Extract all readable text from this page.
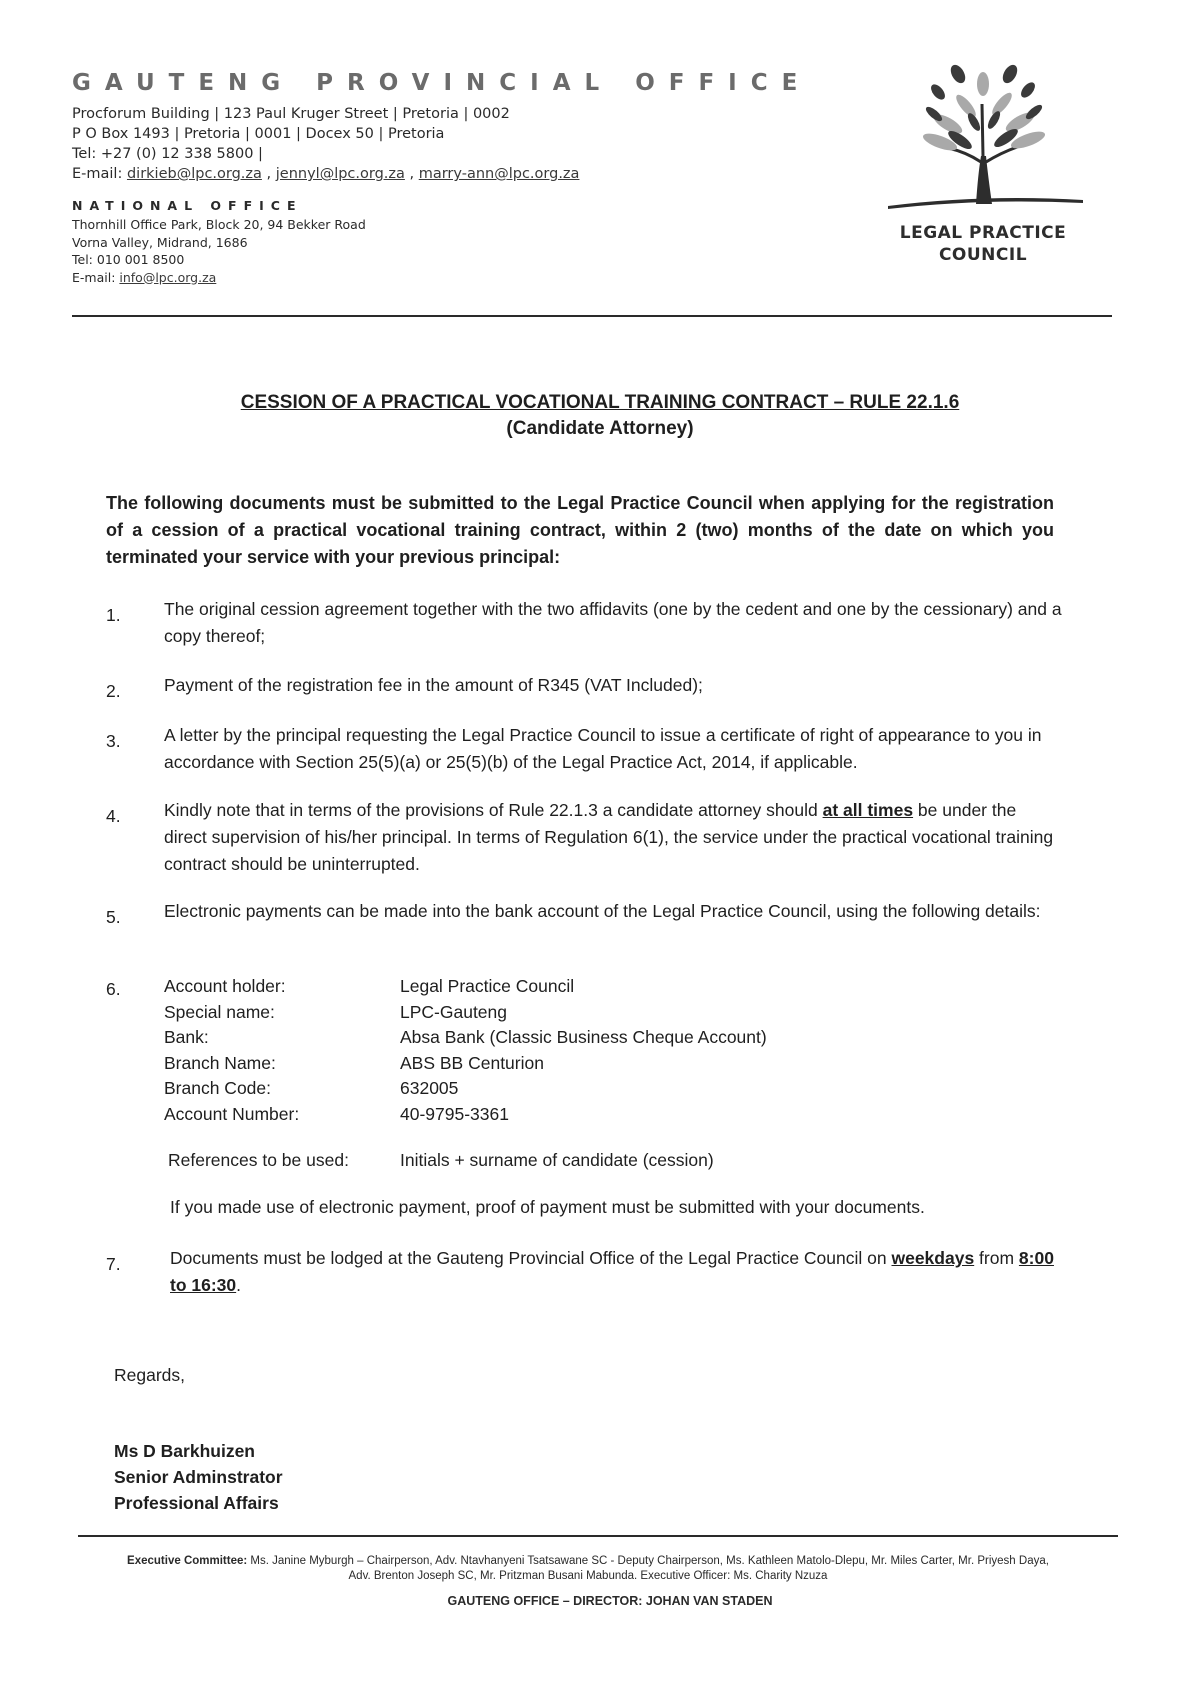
GAUTENG PROVINCIAL OFFICE
Procforum Building | 123 Paul Kruger Street | Pretoria | 0002
P O Box 1493 | Pretoria | 0001 | Docex 50 | Pretoria
Tel: +27 (0) 12 338 5800 |
E-mail: dirkieb@lpc.org.za , jennyl@lpc.org.za , marry-ann@lpc.org.za
NATIONAL OFFICE
Thornhill Office Park, Block 20, 94 Bekker Road
Vorna Valley, Midrand, 1686
Tel: 010 001 8500
E-mail: info@lpc.org.za
LEGAL PRACTICE
COUNCIL
CESSION OF A PRACTICAL VOCATIONAL TRAINING CONTRACT – RULE 22.1.6
(Candidate Attorney)
The following documents must be submitted to the Legal Practice Council when applying for the registration of a cession of a practical vocational training contract, within 2 (two) months of the date on which you terminated your service with your previous principal:
1.	The original cession agreement together with the two affidavits (one by the cedent and one by the cessionary) and a copy thereof;
2.	Payment of the registration fee in the amount of R345 (VAT Included);
3.	A letter by the principal requesting the Legal Practice Council to issue a certificate of right of appearance to you in accordance with Section 25(5)(a) or 25(5)(b) of the Legal Practice Act, 2014, if applicable.
4.	Kindly note that in terms of the provisions of Rule 22.1.3 a candidate attorney should at all times be under the direct supervision of his/her principal. In terms of Regulation 6(1), the service under the practical vocational training contract should be uninterrupted.
5.	Electronic payments can be made into the bank account of the Legal Practice Council, using the following details:
6.	Account holder:	Legal Practice Council
Special name:	LPC-Gauteng
Bank:	Absa Bank (Classic Business Cheque Account)
Branch Name:	ABS BB Centurion
Branch Code:	632005
Account Number:	40-9795-3361
References to be used:	Initials + surname of candidate (cession)
If you made use of electronic payment, proof of payment must be submitted with your documents.
7.	Documents must be lodged at the Gauteng Provincial Office of the Legal Practice Council on weekdays from 8:00 to 16:30.
Regards,
Ms D Barkhuizen
Senior Adminstrator
Professional Affairs
Executive Committee: Ms. Janine Myburgh – Chairperson, Adv. Ntavhanyeni Tsatsawane SC - Deputy Chairperson, Ms. Kathleen Matolo-Dlepu, Mr. Miles Carter, Mr. Priyesh Daya, Adv. Brenton Joseph SC, Mr. Pritzman Busani Mabunda. Executive Officer: Ms. Charity Nzuza
GAUTENG OFFICE – DIRECTOR: JOHAN VAN STADEN
